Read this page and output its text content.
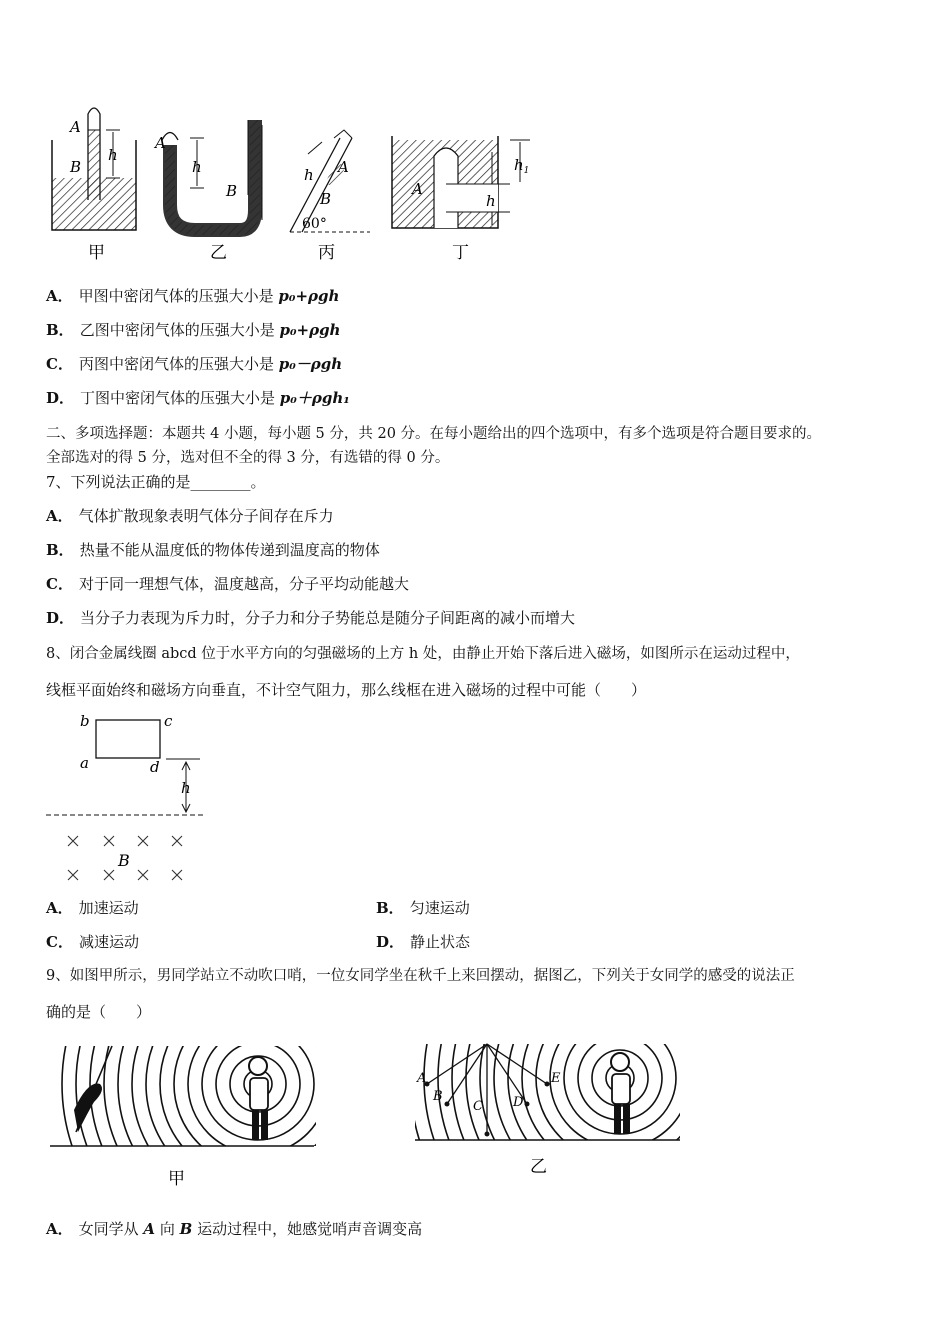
A
B
h
甲
A
h
B
乙
h A
B
60°
丙
A
h
$h_1$
丁
A． 甲图中密闭气体的压强大小是 p₀+ρgh
B． 乙图中密闭气体的压强大小是 p₀+ρgh
C． 丙图中密闭气体的压强大小是 p₀－ρgh
D． 丁图中密闭气体的压强大小是 p₀＋ρgh₁
二、多项选择题：本题共 4 小题，每小题 5 分，共 20 分。在每小题给出的四个选项中，有多个选项是符合题目要求的。
全部选对的得 5 分，选对但不全的得 3 分，有选错的得 0 分。
7、下列说法正确的是________。
A． 气体扩散现象表明气体分子间存在斥力
B． 热量不能从温度低的物体传递到温度高的物体
C． 对于同一理想气体，温度越高，分子平均动能越大
D． 当分子力表现为斥力时，分子力和分子势能总是随分子间距离的减小而增大
8、闭合金属线圈 abcd 位于水平方向的匀强磁场的上方 h 处，由静止开始下落后进入磁场，如图所示在运动过程中，
线框平面始终和磁场方向垂直，不计空气阻力，那么线框在进入磁场的过程中可能（　　）
b	c
a	d
h
B
A． 加速运动	B． 匀速运动
C． 减速运动	D． 静止状态
9、如图甲所示，男同学站立不动吹口哨，一位女同学坐在秋千上来回摆动，据图乙，下列关于女同学的感受的说法正
确的是（　　）
甲
A
B
C D
E
乙
A． 女同学从 A 向 B 运动过程中，她感觉哨声音调变高
